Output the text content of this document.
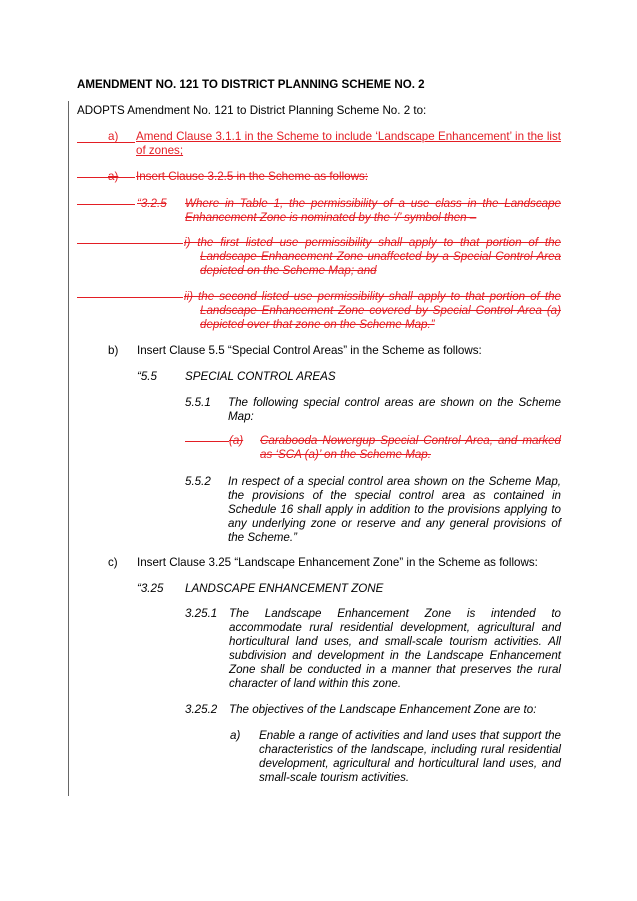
AMENDMENT NO. 121 TO DISTRICT PLANNING SCHEME NO. 2

ADOPTS Amendment No. 121 to District Planning Scheme No. 2 to:

a) Amend Clause 3.1.1 in the Scheme to include ‘Landscape Enhancement’ in the list of zones;

a) Insert Clause 3.2.5 in the Scheme as follows:

“3.2.5 Where in Table 1, the permissibility of a use class in the Landscape Enhancement Zone is nominated by the ‘/’ symbol then –

i) the first listed use permissibility shall apply to that portion of the Landscape Enhancement Zone unaffected by a Special Control Area depicted on the Scheme Map; and

ii) the second listed use permissibility shall apply to that portion of the Landscape Enhancement Zone covered by Special Control Area (a) depicted over that zone on the Scheme Map.”

b) Insert Clause 5.5 “Special Control Areas” in the Scheme as follows:

“5.5 SPECIAL CONTROL AREAS

5.5.1 The following special control areas are shown on the Scheme Map:

(a) Carabooda Nowergup Special Control Area, and marked as ‘SCA (a)’ on the Scheme Map.

5.5.2 In respect of a special control area shown on the Scheme Map, the provisions of the special control area as contained in Schedule 16 shall apply in addition to the provisions applying to any underlying zone or reserve and any general provisions of the Scheme.”

c) Insert Clause 3.25 “Landscape Enhancement Zone” in the Scheme as follows:

“3.25 LANDSCAPE ENHANCEMENT ZONE

3.25.1 The Landscape Enhancement Zone is intended to accommodate rural residential development, agricultural and horticultural land uses, and small-scale tourism activities. All subdivision and development in the Landscape Enhancement Zone shall be conducted in a manner that preserves the rural character of land within this zone.

3.25.2 The objectives of the Landscape Enhancement Zone are to:

a) Enable a range of activities and land uses that support the characteristics of the landscape, including rural residential development, agricultural and horticultural land uses, and small-scale tourism activities.
